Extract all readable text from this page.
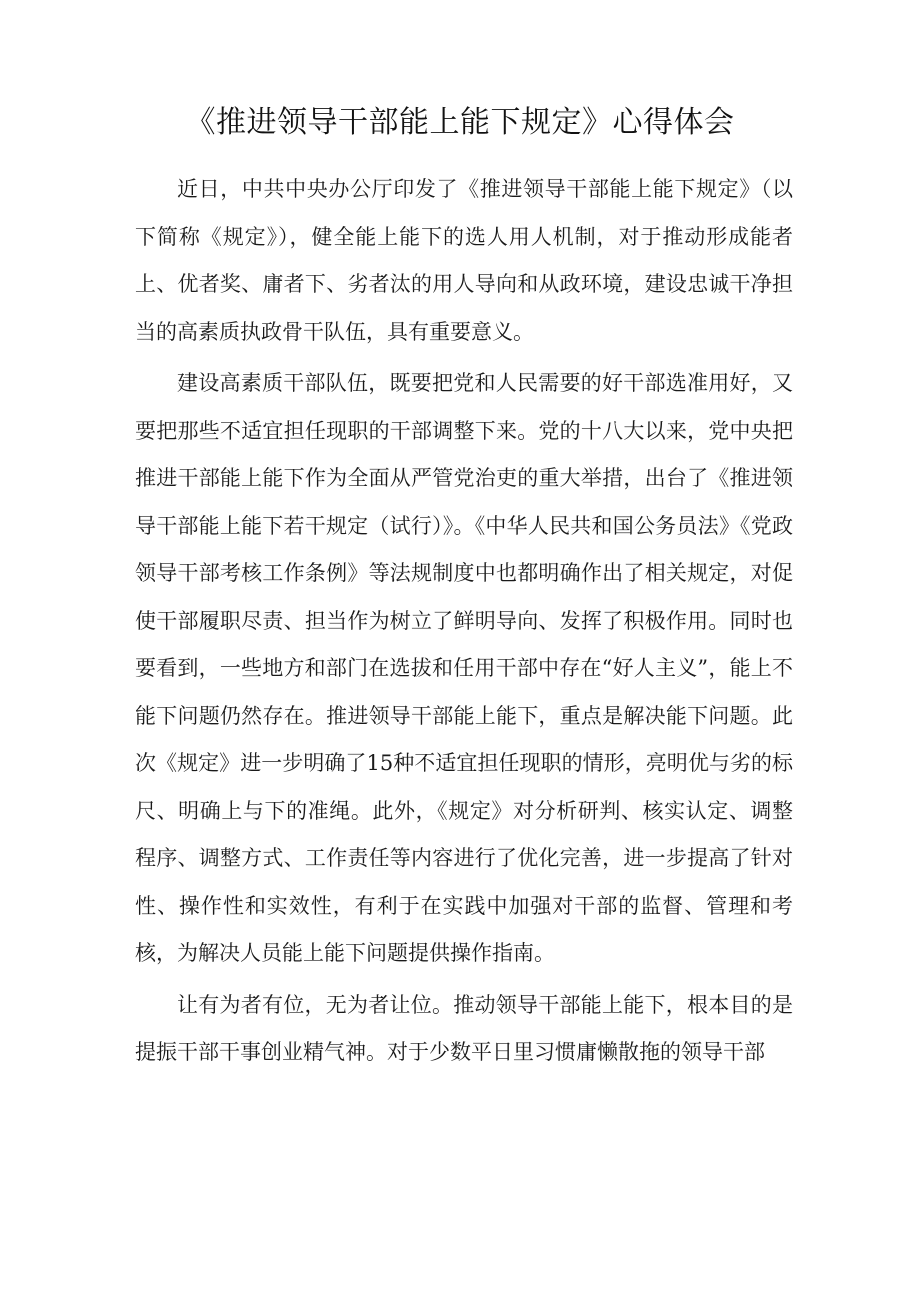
《推进领导干部能上能下规定》心得体会

近日，中共中央办公厅印发了《推进领导干部能上能下规定》（以下简称《规定》），健全能上能下的选人用人机制，对于推动形成能者上、优者奖、庸者下、劣者汰的用人导向和从政环境，建设忠诚干净担当的高素质执政骨干队伍，具有重要意义。

建设高素质干部队伍，既要把党和人民需要的好干部选准用好，又要把那些不适宜担任现职的干部调整下来。党的十八大以来，党中央把推进干部能上能下作为全面从严管党治吏的重大举措，出台了《推进领导干部能上能下若干规定（试行）》。《中华人民共和国公务员法》《党政领导干部考核工作条例》等法规制度中也都明确作出了相关规定，对促使干部履职尽责、担当作为树立了鲜明导向、发挥了积极作用。同时也要看到，一些地方和部门在选拔和任用干部中存在“好人主义”，能上不能下问题仍然存在。推进领导干部能上能下，重点是解决能下问题。此次《规定》进一步明确了15种不适宜担任现职的情形，亮明优与劣的标尺、明确上与下的准绳。此外，《规定》对分析研判、核实认定、调整程序、调整方式、工作责任等内容进行了优化完善，进一步提高了针对性、操作性和实效性，有利于在实践中加强对干部的监督、管理和考核，为解决人员能上能下问题提供操作指南。

让有为者有位，无为者让位。推动领导干部能上能下，根本目的是提振干部干事创业精气神。对于少数平日里习惯庸懒散拖的领导干部
